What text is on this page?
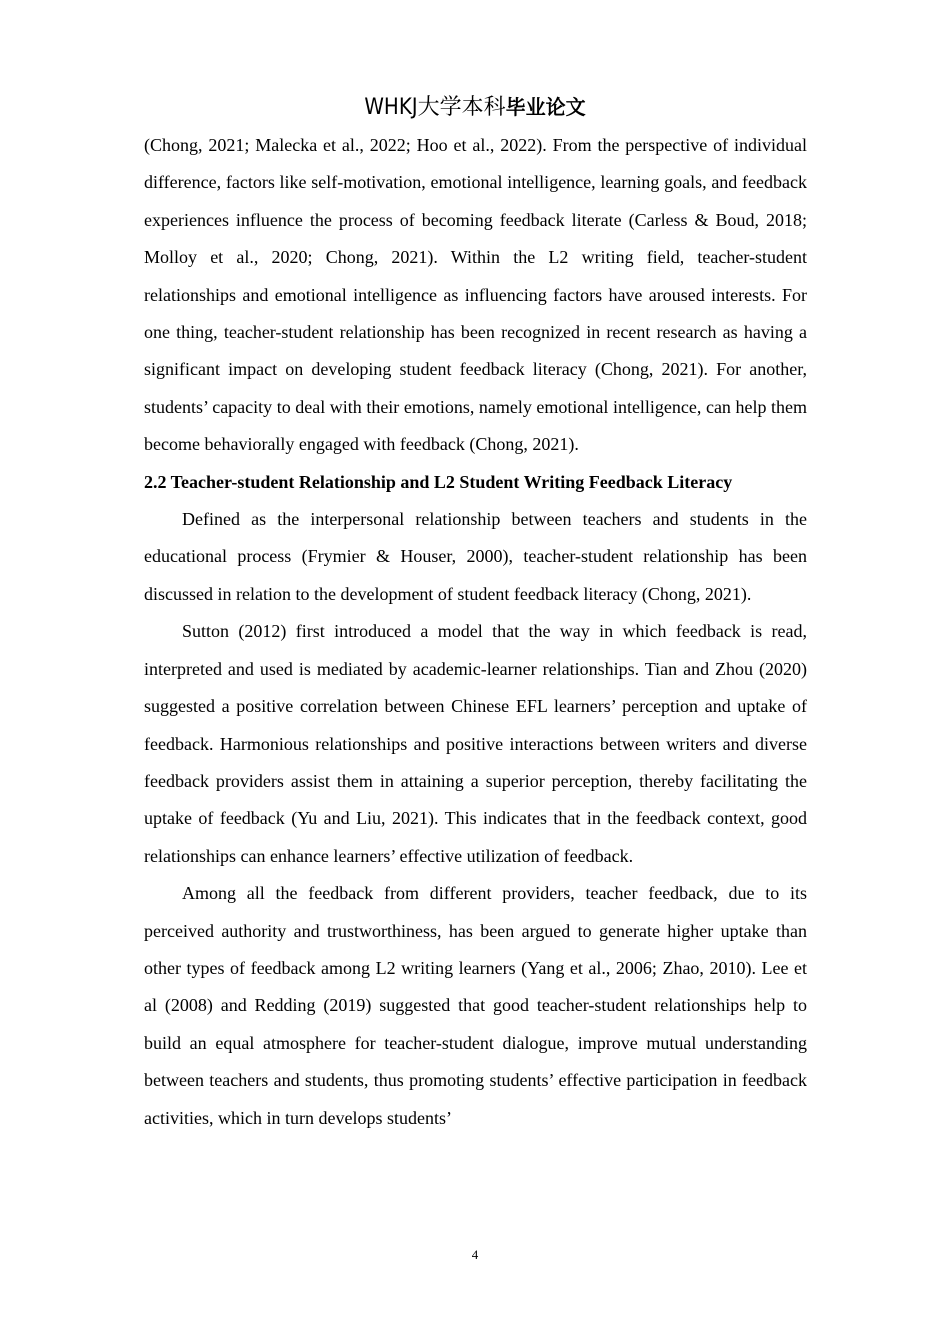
WHKJ大学本科毕业论文

(Chong, 2021; Malecka et al., 2022; Hoo et al., 2022). From the perspective of individual difference, factors like self-motivation, emotional intelligence, learning goals, and feedback experiences influence the process of becoming feedback literate (Carless & Boud, 2018; Molloy et al., 2020; Chong, 2021). Within the L2 writing field, teacher-student relationships and emotional intelligence as influencing factors have aroused interests. For one thing, teacher-student relationship has been recognized in recent research as having a significant impact on developing student feedback literacy (Chong, 2021). For another, students’ capacity to deal with their emotions, namely emotional intelligence, can help them become behaviorally engaged with feedback (Chong, 2021).

2.2 Teacher-student Relationship and L2 Student Writing Feedback Literacy

Defined as the interpersonal relationship between teachers and students in the educational process (Frymier & Houser, 2000), teacher-student relationship has been discussed in relation to the development of student feedback literacy (Chong, 2021).

Sutton (2012) first introduced a model that the way in which feedback is read, interpreted and used is mediated by academic-learner relationships. Tian and Zhou (2020) suggested a positive correlation between Chinese EFL learners’ perception and uptake of feedback. Harmonious relationships and positive interactions between writers and diverse feedback providers assist them in attaining a superior perception, thereby facilitating the uptake of feedback (Yu and Liu, 2021). This indicates that in the feedback context, good relationships can enhance learners’ effective utilization of feedback.

Among all the feedback from different providers, teacher feedback, due to its perceived authority and trustworthiness, has been argued to generate higher uptake than other types of feedback among L2 writing learners (Yang et al., 2006; Zhao, 2010). Lee et al (2008) and Redding (2019) suggested that good teacher-student relationships help to build an equal atmosphere for teacher-student dialogue, improve mutual understanding between teachers and students, thus promoting students’ effective participation in feedback activities, which in turn develops students’

4
